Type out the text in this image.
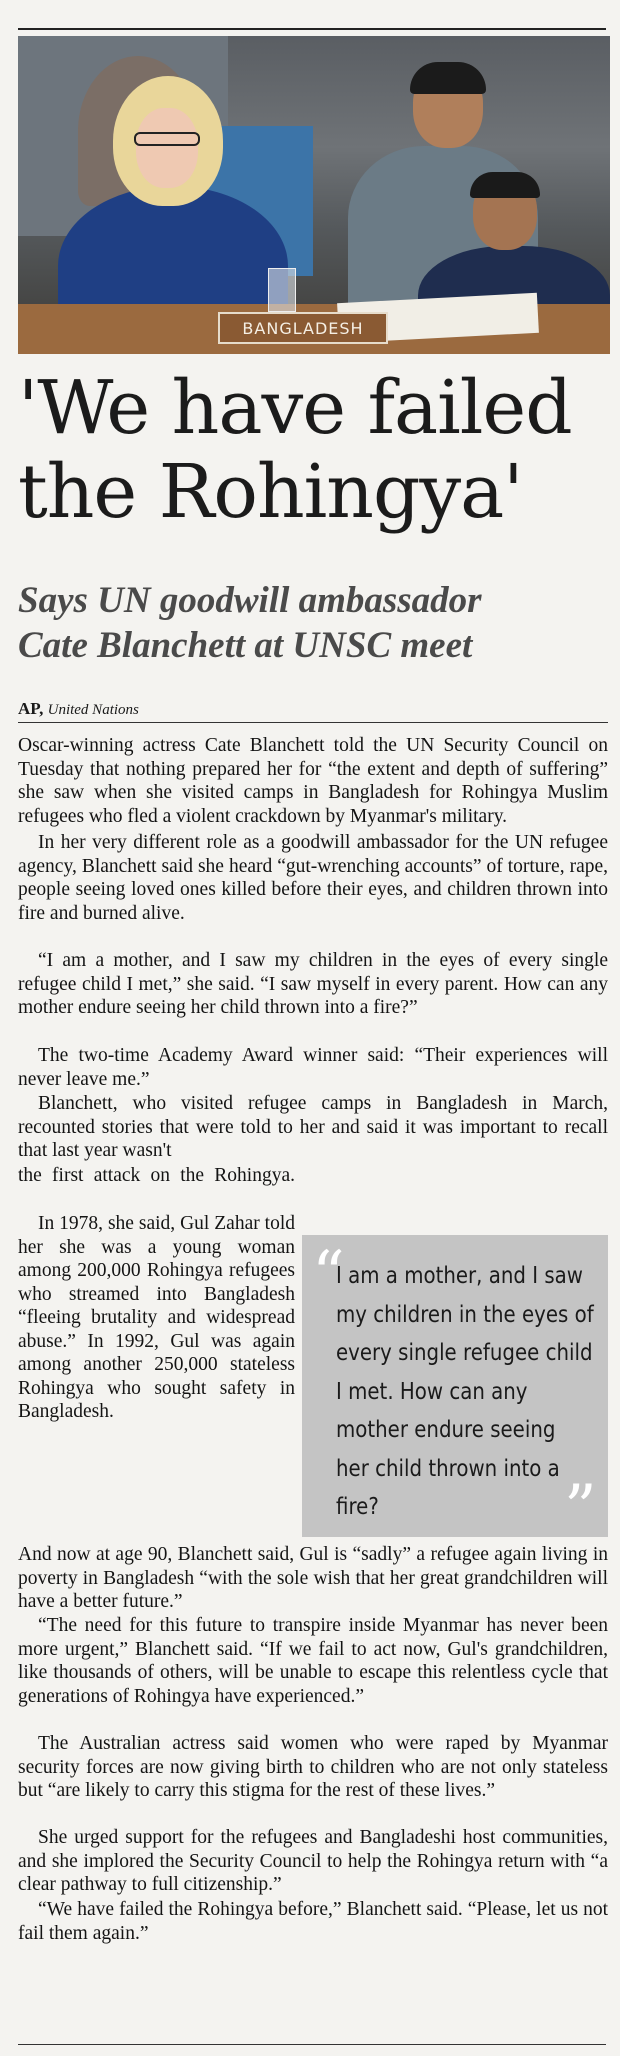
BANGLADESH
'We have failed
the Rohingya'
Says UN goodwill ambassador
Cate Blanchett at UNSC meet
AP, United Nations

Oscar-winning actress Cate Blanchett told the UN Security Council on Tuesday that nothing prepared her for “the extent and depth of suffering” she saw when she visited camps in Bangladesh for Rohingya Muslim refugees who fled a violent crackdown by Myanmar's military.

In her very different role as a goodwill ambassador for the UN refugee agency, Blanchett said she heard “gut-wrenching accounts” of torture, rape, people seeing loved ones killed before their eyes, and children thrown into fire and burned alive.

“I am a mother, and I saw my children in the eyes of every single refugee child I met,” she said. “I saw myself in every parent. How can any mother endure seeing her child thrown into a fire?”

The two-time Academy Award winner said: “Their experiences will never leave me.”

Blanchett, who visited refugee camps in Bangladesh in March, recounted stories that were told to her and said it was important to recall that last year wasn't

the first attack on the Rohingya.

In 1978, she said, Gul Zahar told her she was a young woman among 200,000 Rohingya refugees who streamed into Bangladesh “fleeing brutality and widespread abuse.” In 1992, Gul was again among another 250,000 stateless Rohingya who sought safety in Bangladesh.

“

I am a mother, and I saw my children in the eyes of every single refugee child I met. How can any mother endure seeing her child thrown into a fire?	”

And now at age 90, Blanchett said, Gul is “sadly” a refugee again living in poverty in Bangladesh “with the sole wish that her great grandchildren will have a better future.”

“The need for this future to transpire inside Myanmar has never been more urgent,” Blanchett said. “If we fail to act now, Gul's grandchildren, like thousands of others, will be unable to escape this relentless cycle that generations of Rohingya have experienced.”

The Australian actress said women who were raped by Myanmar security forces are now giving birth to children who are not only stateless but “are likely to carry this stigma for the rest of these lives.”

She urged support for the refugees and Bangladeshi host communities, and she implored the Security Council to help the Rohingya return with “a clear pathway to full citizenship.”

“We have failed the Rohingya before,” Blanchett said. “Please, let us not fail them again.”
